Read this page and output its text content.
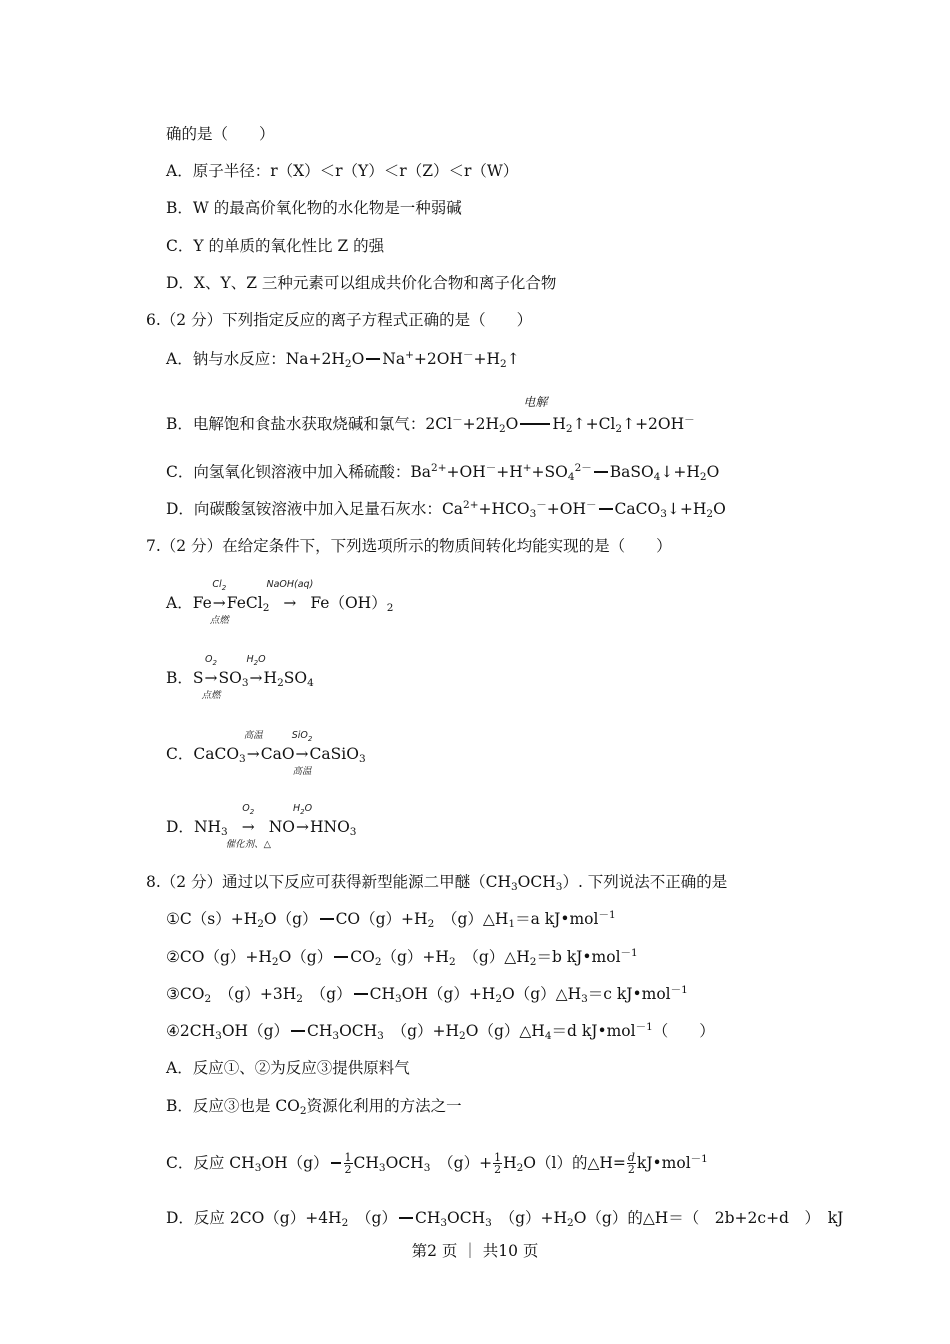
确的是（　　）
A．原子半径：r（X）＜r（Y）＜r（Z）＜r（W）
B．W 的最高价氧化物的水化物是一种弱碱
C．Y 的单质的氧化性比 Z 的强
D．X、Y、Z 三种元素可以组成共价化合物和离子化合物
6.（2 分）下列指定反应的离子方程式正确的是（　　）
A．钠与水反应：$Na+2H_2O$ $Na^++2OH^-+H_2↑$
B．电解饱和食盐水获取烧碱和氯气：$2Cl^-+2H_2O$
电解
$H_2↑+Cl_2↑+2OH^-$
C．向氢氧化钡溶液中加入稀硫酸：$Ba^{2+}+OH^-+H^++SO_4^{2-}$ $BaSO_4↓+H_2O$
D．向碳酸氢铵溶液中加入足量石灰水：$Ca^{2+}+HCO_3^-+OH^-$ $CaCO_3↓+H_2O$
7.（2 分）在给定条件下，下列选项所示的物质间转化均能实现的是（　　）
A．Fe
$Cl_2$
→
点燃
FeCl$_2$
NaOH(aq)
→ $Fe(OH)_2$
B．S
$O_2$
→
点燃
$SO_3$
$H_2O$
$\to H_2SO_4$
C．CaCO$_3$
高温
→CaO
SiO$_2$
→
高温
CaSiO$_3$
D．$NH_3$
$O_2$
→
催化剂、△
NO
$H_2O$
$\to HNO_3$
8.（2 分）通过以下反应可获得新型能源二甲醚$(CH_3OCH_3)$. 下列说法不正确的是
$①C(s)+H_2O(g)$ $CO(g)+H_2$　$(g)\triangle H_1=a$ kJ•mol$^{-1}$
$②CO(g)+H_2O(g)$ $CO_2(g)+H_2$　$(g)\triangle H_2=b$ kJ•mol$^{-1}$
$③CO_2$　$(g)+3H_2$　（g） $CH_3OH(g)+H_2O(g)\triangle H_3=c$ kJ•mol$^{-1}$
$④2CH_3OH(g)$ $CH_3OCH_3$　$(g)+H_2O(g)\triangle H_4=d$ kJ•mol$^{-1}$（　　）
A．反应①、②为反应③提供原料气
B．反应③也是 $CO_2$资源化利用的方法之一
C．反应 $CH_3OH(g) \frac{1}{2} CH_3OCH_3$　$(g)+ \frac{1}{2} H_2O(l)$的△H= $\frac{d}{2}$ kJ•mol$^{-1}$
D．反应 $2CO(g)+4H_2$　（g） $CH_3OCH_3$　$(g)+H_2O(g)$的△H＝（　2b+2c+d　）　kJ
第2 页 ｜ 共10 页
